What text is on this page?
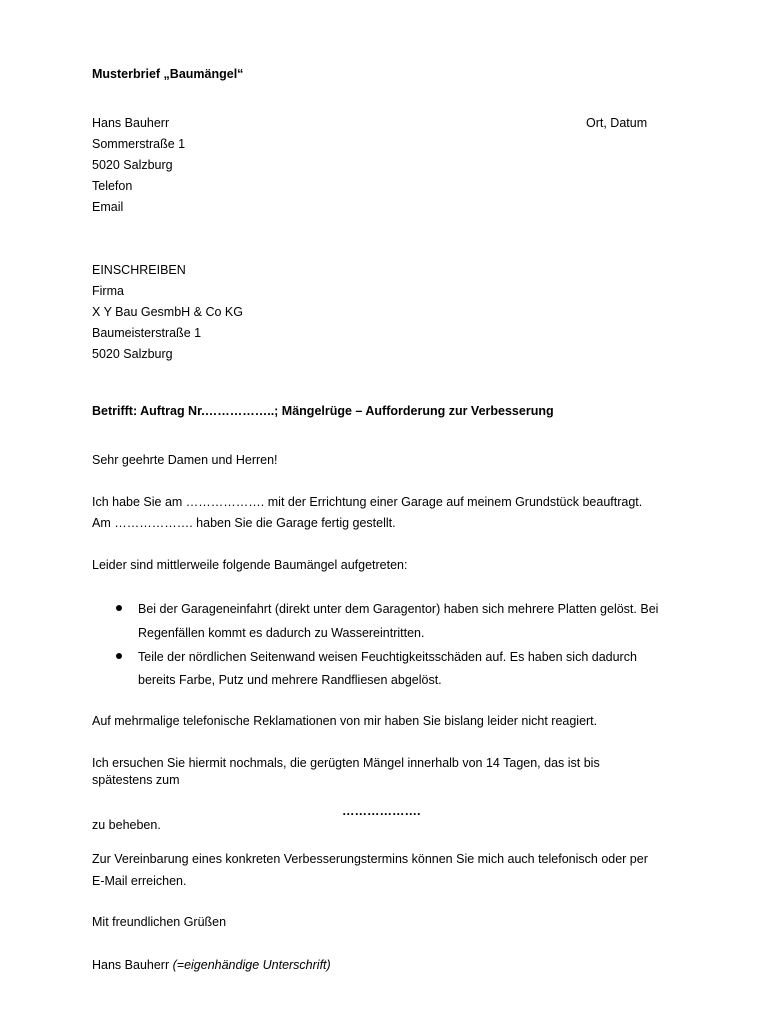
Musterbrief „Baumängel“
Hans Bauherr	Ort, Datum
Sommerstraße 1
5020 Salzburg
Telefon
Email
EINSCHREIBEN
Firma
X Y Bau GesmbH & Co KG
Baumeisterstraße 1
5020 Salzburg
Betrifft: Auftrag Nr.……………..; Mängelrüge – Aufforderung zur Verbesserung
Sehr geehrte Damen und Herren!
Ich habe Sie am ………………. mit der Errichtung einer Garage auf meinem Grundstück beauftragt.
Am ………………. haben Sie die Garage fertig gestellt.
Leider sind mittlerweile folgende Baumängel aufgetreten:
Bei der Garageneinfahrt (direkt unter dem Garagentor) haben sich mehrere Platten gelöst. Bei
Regenfällen kommt es dadurch zu Wassereintritten.
Teile der nördlichen Seitenwand weisen Feuchtigkeitsschäden auf. Es haben sich dadurch
bereits Farbe, Putz und mehrere Randfliesen abgelöst.
Auf mehrmalige telefonische Reklamationen von mir haben Sie bislang leider nicht reagiert.
Ich ersuchen Sie hiermit nochmals, die gerügten Mängel innerhalb von 14 Tagen, das ist bis
spätestens zum
……………….
zu beheben.
Zur Vereinbarung eines konkreten Verbesserungstermins können Sie mich auch telefonisch oder per
E-Mail erreichen.
Mit freundlichen Grüßen
Hans Bauherr (=eigenhändige Unterschrift)
